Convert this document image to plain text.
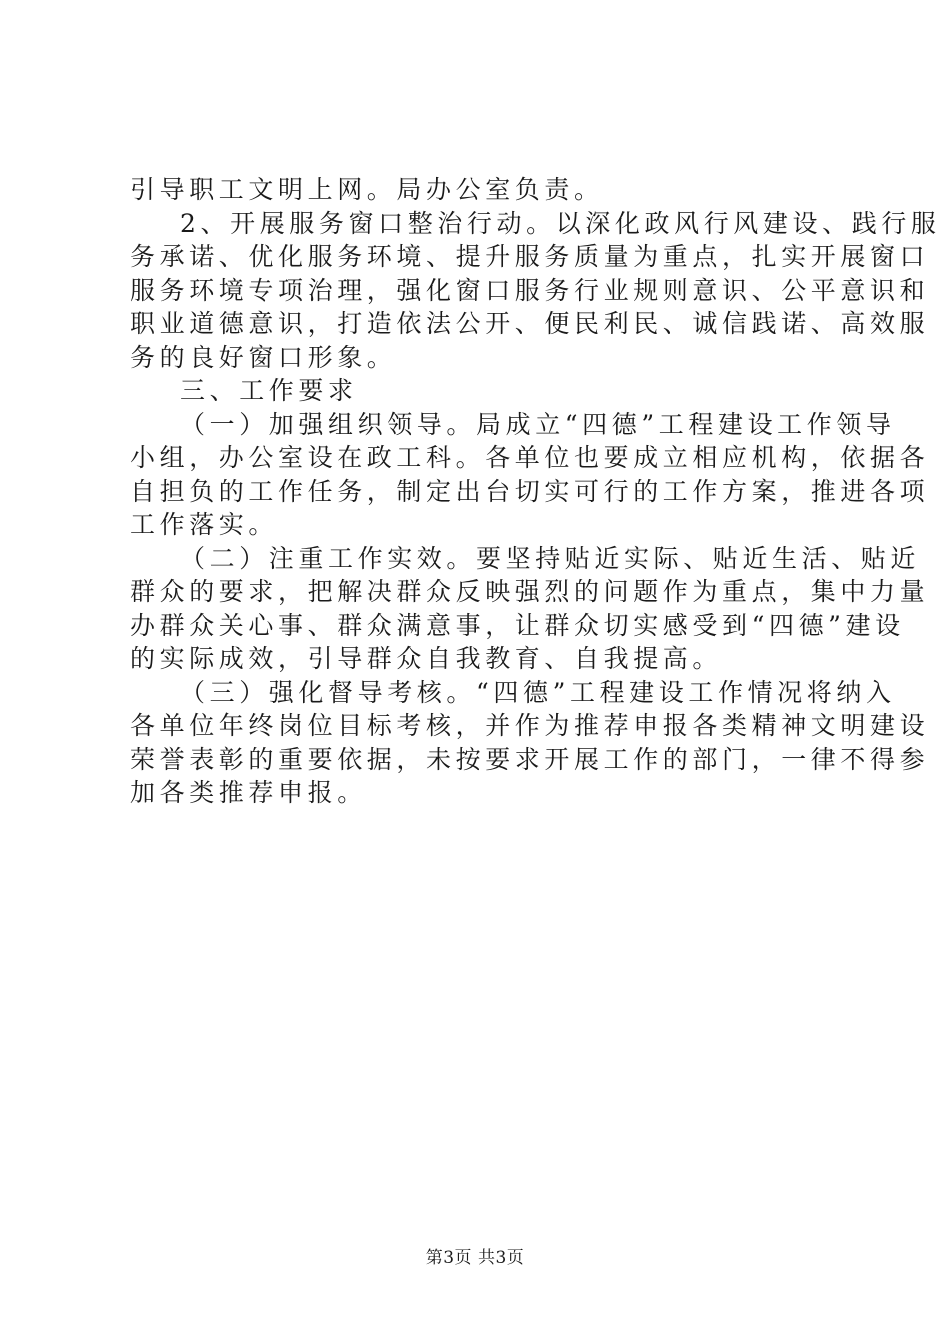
引导职工文明上网。局办公室负责。
2、开展服务窗口整治行动。以深化政风行风建设、践行服
务承诺、优化服务环境、提升服务质量为重点，扎实开展窗口
服务环境专项治理，强化窗口服务行业规则意识、公平意识和
职业道德意识，打造依法公开、便民利民、诚信践诺、高效服
务的良好窗口形象。
三、工作要求
（一）加强组织领导。局成立“四德”工程建设工作领导
小组，办公室设在政工科。各单位也要成立相应机构，依据各
自担负的工作任务，制定出台切实可行的工作方案，推进各项
工作落实。
（二）注重工作实效。要坚持贴近实际、贴近生活、贴近
群众的要求，把解决群众反映强烈的问题作为重点，集中力量
办群众关心事、群众满意事，让群众切实感受到“四德”建设
的实际成效，引导群众自我教育、自我提高。
（三）强化督导考核。“四德”工程建设工作情况将纳入
各单位年终岗位目标考核，并作为推荐申报各类精神文明建设
荣誉表彰的重要依据，未按要求开展工作的部门，一律不得参
加各类推荐申报。
第3页 共3页
